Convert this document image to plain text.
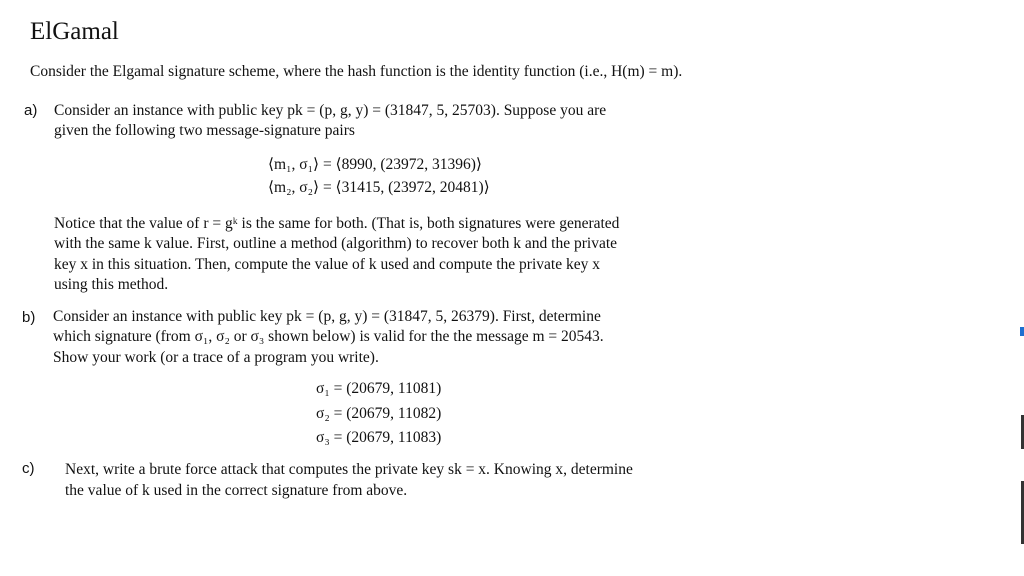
ElGamal
Consider the Elgamal signature scheme, where the hash function is the identity function (i.e., H(m) = m).
a) Consider an instance with public key pk = (p, g, y) = (31847, 5, 25703). Suppose you are
given the following two message-signature pairs
⟨m₁, σ₁⟩ = ⟨8990, (23972, 31396)⟩
⟨m₂, σ₂⟩ = ⟨31415, (23972, 20481)⟩
Notice that the value of r = gᵏ is the same for both. (That is, both signatures were generated
with the same k value. First, outline a method (algorithm) to recover both k and the private
key x in this situation. Then, compute the value of k used and compute the private key x
using this method.
b) Consider an instance with public key pk = (p, g, y) = (31847, 5, 26379). First, determine
which signature (from σ₁, σ₂ or σ₃ shown below) is valid for the the message m = 20543.
Show your work (or a trace of a program you write).
σ₁ = (20679, 11081)
σ₂ = (20679, 11082)
σ₃ = (20679, 11083)
c) Next, write a brute force attack that computes the private key sk = x. Knowing x, determine
the value of k used in the correct signature from above.
